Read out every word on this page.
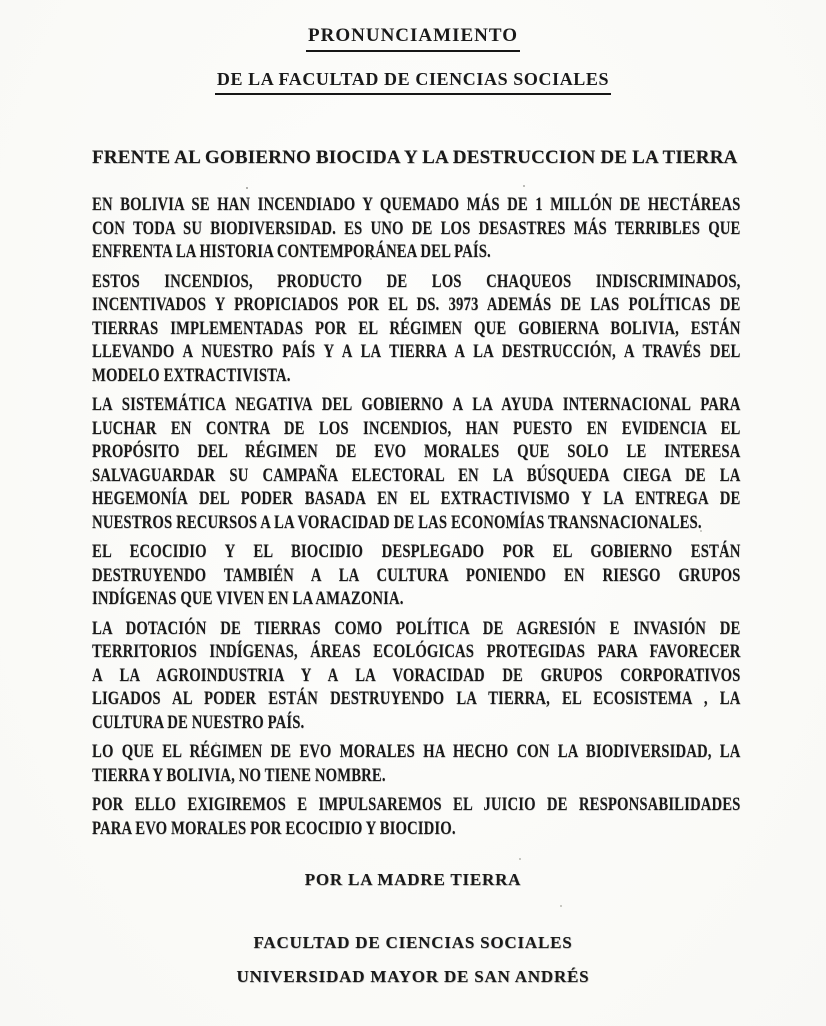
PRONUNCIAMIENTO
DE LA FACULTAD DE CIENCIAS SOCIALES
FRENTE AL GOBIERNO BIOCIDA Y LA DESTRUCCION DE LA TIERRA
EN BOLIVIA SE HAN INCENDIADO Y QUEMADO MÁS DE 1 MILLÓN DE HECTÁREAS
CON TODA SU BIODIVERSIDAD. ES UNO DE LOS DESASTRES MÁS TERRIBLES QUE
ENFRENTA LA HISTORIA CONTEMPORÁNEA DEL PAÍS.
ESTOS INCENDIOS, PRODUCTO DE LOS CHAQUEOS INDISCRIMINADOS,
INCENTIVADOS Y PROPICIADOS POR EL DS. 3973 ADEMÁS DE LAS POLÍTICAS DE
TIERRAS IMPLEMENTADAS POR EL RÉGIMEN QUE GOBIERNA BOLIVIA, ESTÁN
LLEVANDO A NUESTRO PAÍS Y A LA TIERRA A LA DESTRUCCIÓN, A TRAVÉS DEL
MODELO EXTRACTIVISTA.
LA SISTEMÁTICA NEGATIVA DEL GOBIERNO A LA AYUDA INTERNACIONAL PARA
LUCHAR EN CONTRA DE LOS INCENDIOS, HAN PUESTO EN EVIDENCIA EL
PROPÓSITO DEL RÉGIMEN DE EVO MORALES QUE SOLO LE INTERESA
SALVAGUARDAR SU CAMPAÑA ELECTORAL EN LA BÚSQUEDA CIEGA DE LA
HEGEMONÍA DEL PODER BASADA EN EL EXTRACTIVISMO Y LA ENTREGA DE
NUESTROS RECURSOS A LA VORACIDAD DE LAS ECONOMÍAS TRANSNACIONALES.
EL ECOCIDIO Y EL BIOCIDIO DESPLEGADO POR EL GOBIERNO ESTÁN
DESTRUYENDO TAMBIÉN A LA CULTURA PONIENDO EN RIESGO GRUPOS
INDÍGENAS QUE VIVEN EN LA AMAZONIA.
LA DOTACIÓN DE TIERRAS COMO POLÍTICA DE AGRESIÓN E INVASIÓN DE
TERRITORIOS INDÍGENAS, ÁREAS ECOLÓGICAS PROTEGIDAS PARA FAVORECER
A LA AGROINDUSTRIA Y A LA VORACIDAD DE GRUPOS CORPORATIVOS
LIGADOS AL PODER ESTÁN DESTRUYENDO LA TIERRA, EL ECOSISTEMA , LA
CULTURA DE NUESTRO PAÍS.
LO QUE EL RÉGIMEN DE EVO MORALES HA HECHO CON LA BIODIVERSIDAD, LA
TIERRA Y BOLIVIA, NO TIENE NOMBRE.
POR ELLO EXIGIREMOS E IMPULSAREMOS EL JUICIO DE RESPONSABILIDADES
PARA EVO MORALES POR ECOCIDIO Y BIOCIDIO.
POR LA MADRE TIERRA
FACULTAD DE CIENCIAS SOCIALES
UNIVERSIDAD MAYOR DE SAN ANDRÉS
